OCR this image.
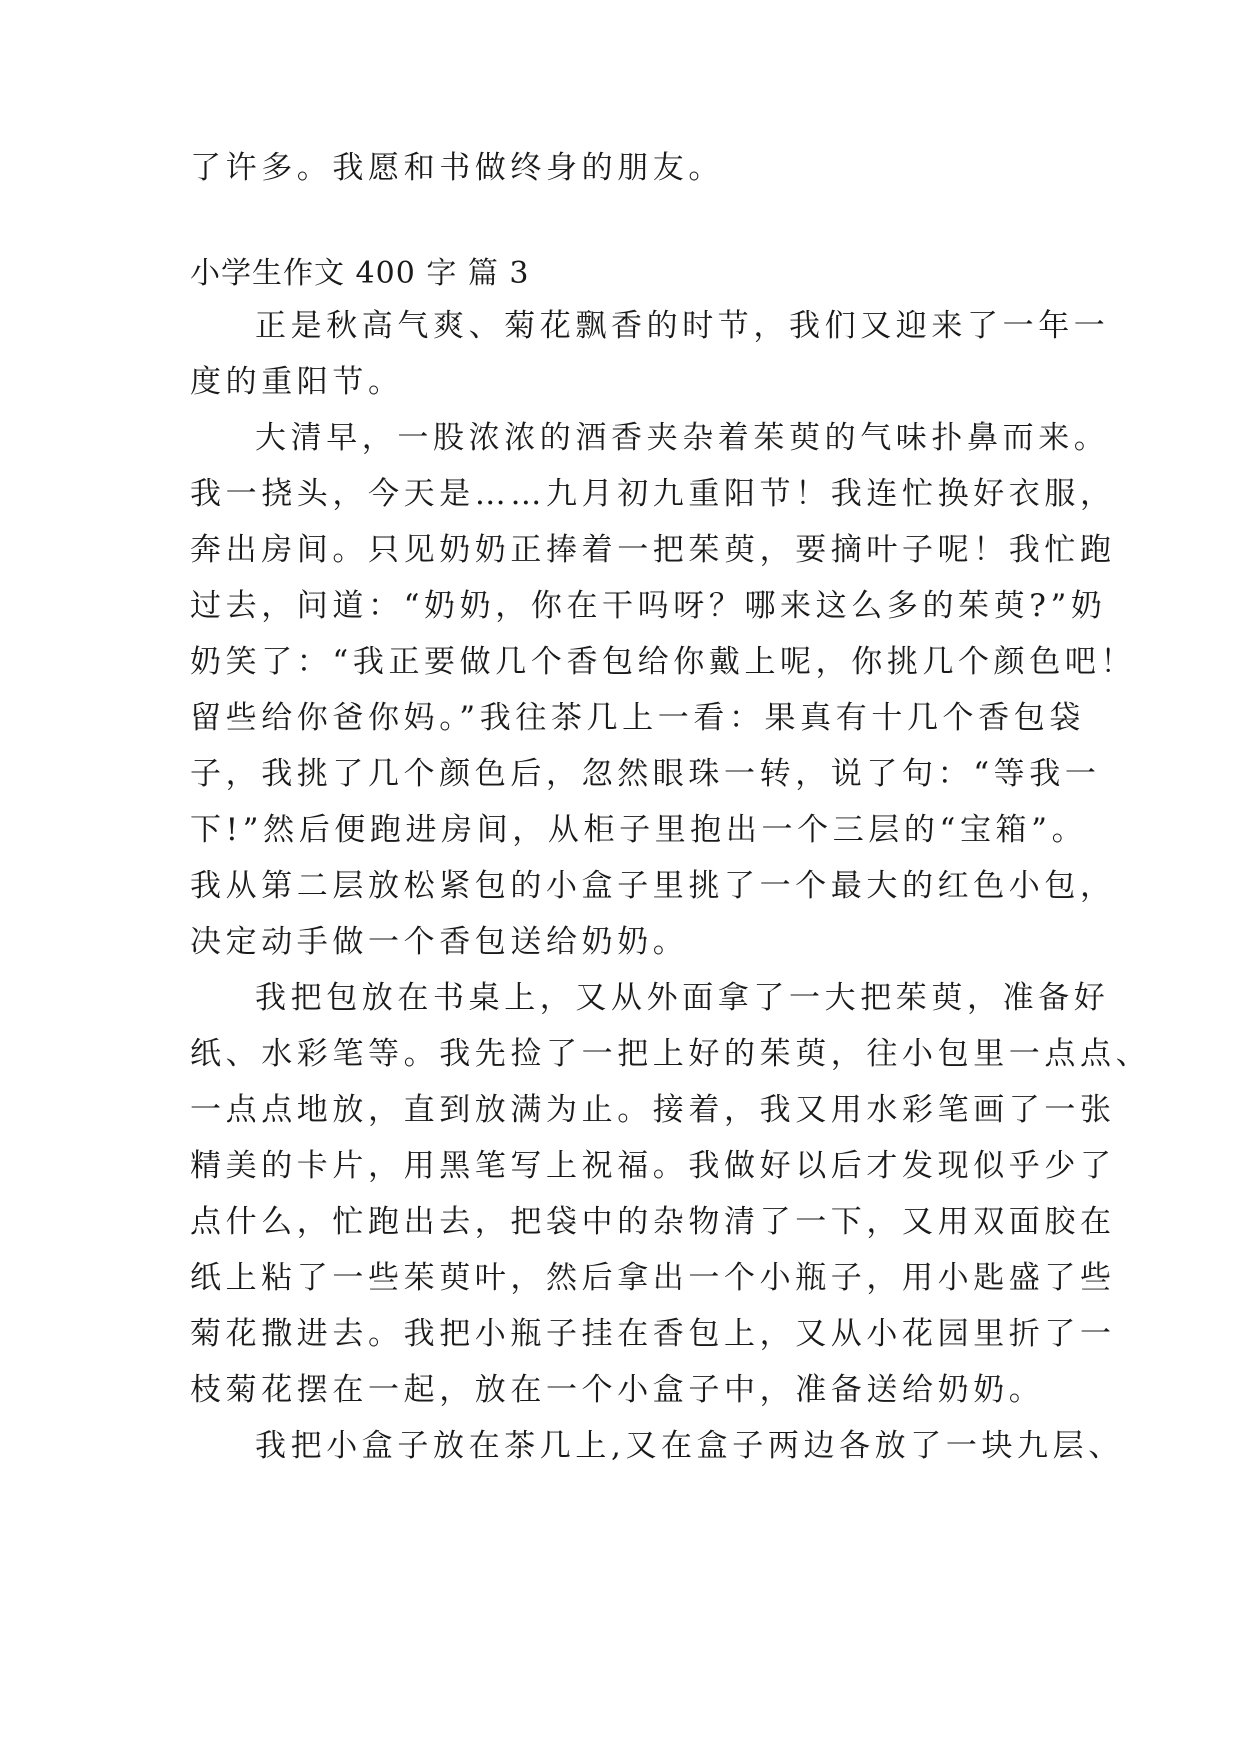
了许多。我愿和书做终身的朋友。
小学生作文 400 字 篇 3
正是秋高气爽、菊花飘香的时节，我们又迎来了一年一
度的重阳节。
大清早，一股浓浓的酒香夹杂着茱萸的气味扑鼻而来。
我一挠头，今天是……九月初九重阳节！我连忙换好衣服，
奔出房间。只见奶奶正捧着一把茱萸，要摘叶子呢！我忙跑
过去，问道：“奶奶，你在干吗呀？哪来这么多的茱萸?”奶
奶笑了：“我正要做几个香包给你戴上呢，你挑几个颜色吧！
留些给你爸你妈。”我往茶几上一看：果真有十几个香包袋
子，我挑了几个颜色后，忽然眼珠一转，说了句：“等我一
下!”然后便跑进房间，从柜子里抱出一个三层的“宝箱”。
我从第二层放松紧包的小盒子里挑了一个最大的红色小包，
决定动手做一个香包送给奶奶。
我把包放在书桌上，又从外面拿了一大把茱萸，准备好
纸、水彩笔等。我先捡了一把上好的茱萸，往小包里一点点、
一点点地放，直到放满为止。接着，我又用水彩笔画了一张
精美的卡片，用黑笔写上祝福。我做好以后才发现似乎少了
点什么，忙跑出去，把袋中的杂物清了一下，又用双面胶在
纸上粘了一些茱萸叶，然后拿出一个小瓶子，用小匙盛了些
菊花撒进去。我把小瓶子挂在香包上，又从小花园里折了一
枝菊花摆在一起，放在一个小盒子中，准备送给奶奶。
我把小盒子放在茶几上,又在盒子两边各放了一块九层、
